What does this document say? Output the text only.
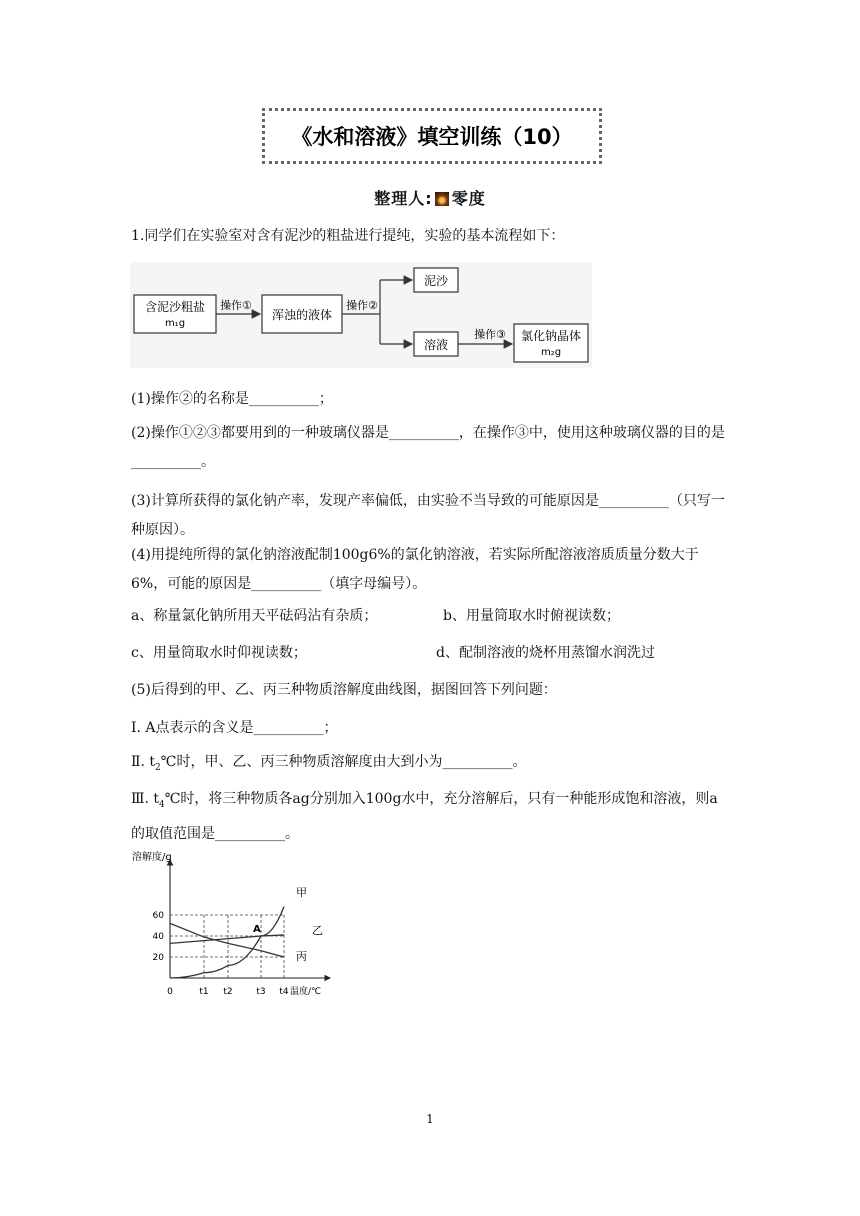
《水和溶液》填空训练（10）
整理人: 零度
1.同学们在实验室对含有泥沙的粗盐进行提纯，实验的基本流程如下：
含泥沙粗盐
m₁g
操作①
浑浊的液体
操作②
泥沙
溶液
操作③ 氯化钠晶体
m₂g
(1)操作②的名称是__________；
(2)操作①②③都要用到的一种玻璃仪器是__________，在操作③中，使用这种玻璃仪器的目的是__________。
(3)计算所获得的氯化钠产率，发现产率偏低，由实验不当导致的可能原因是__________（只写一种原因）。
(4)用提纯所得的氯化钠溶液配制100g6%的氯化钠溶液，若实际所配溶液溶质质量分数大于6%，可能的原因是__________（填字母编号）。
a、称量氯化钠所用天平砝码沾有杂质；	b、用量筒取水时俯视读数；
c、用量筒取水时仰视读数；	d、配制溶液的烧杯用蒸馏水润洗过
(5)后得到的甲、乙、丙三种物质溶解度曲线图，据图回答下列问题：
Ⅰ. A点表示的含义是__________；
Ⅱ. $t_2℃$时，甲、乙、丙三种物质溶解度由大到小为__________。
Ⅲ. $t_4℃$时，将三种物质各ag分别加入100g水中，充分溶解后，只有一种能形成饱和溶液，则a的取值范围是__________。
溶解度/g
温度/℃
20
40
60
0	t1 t2	t3 t4
甲
乙
丙
A
1
